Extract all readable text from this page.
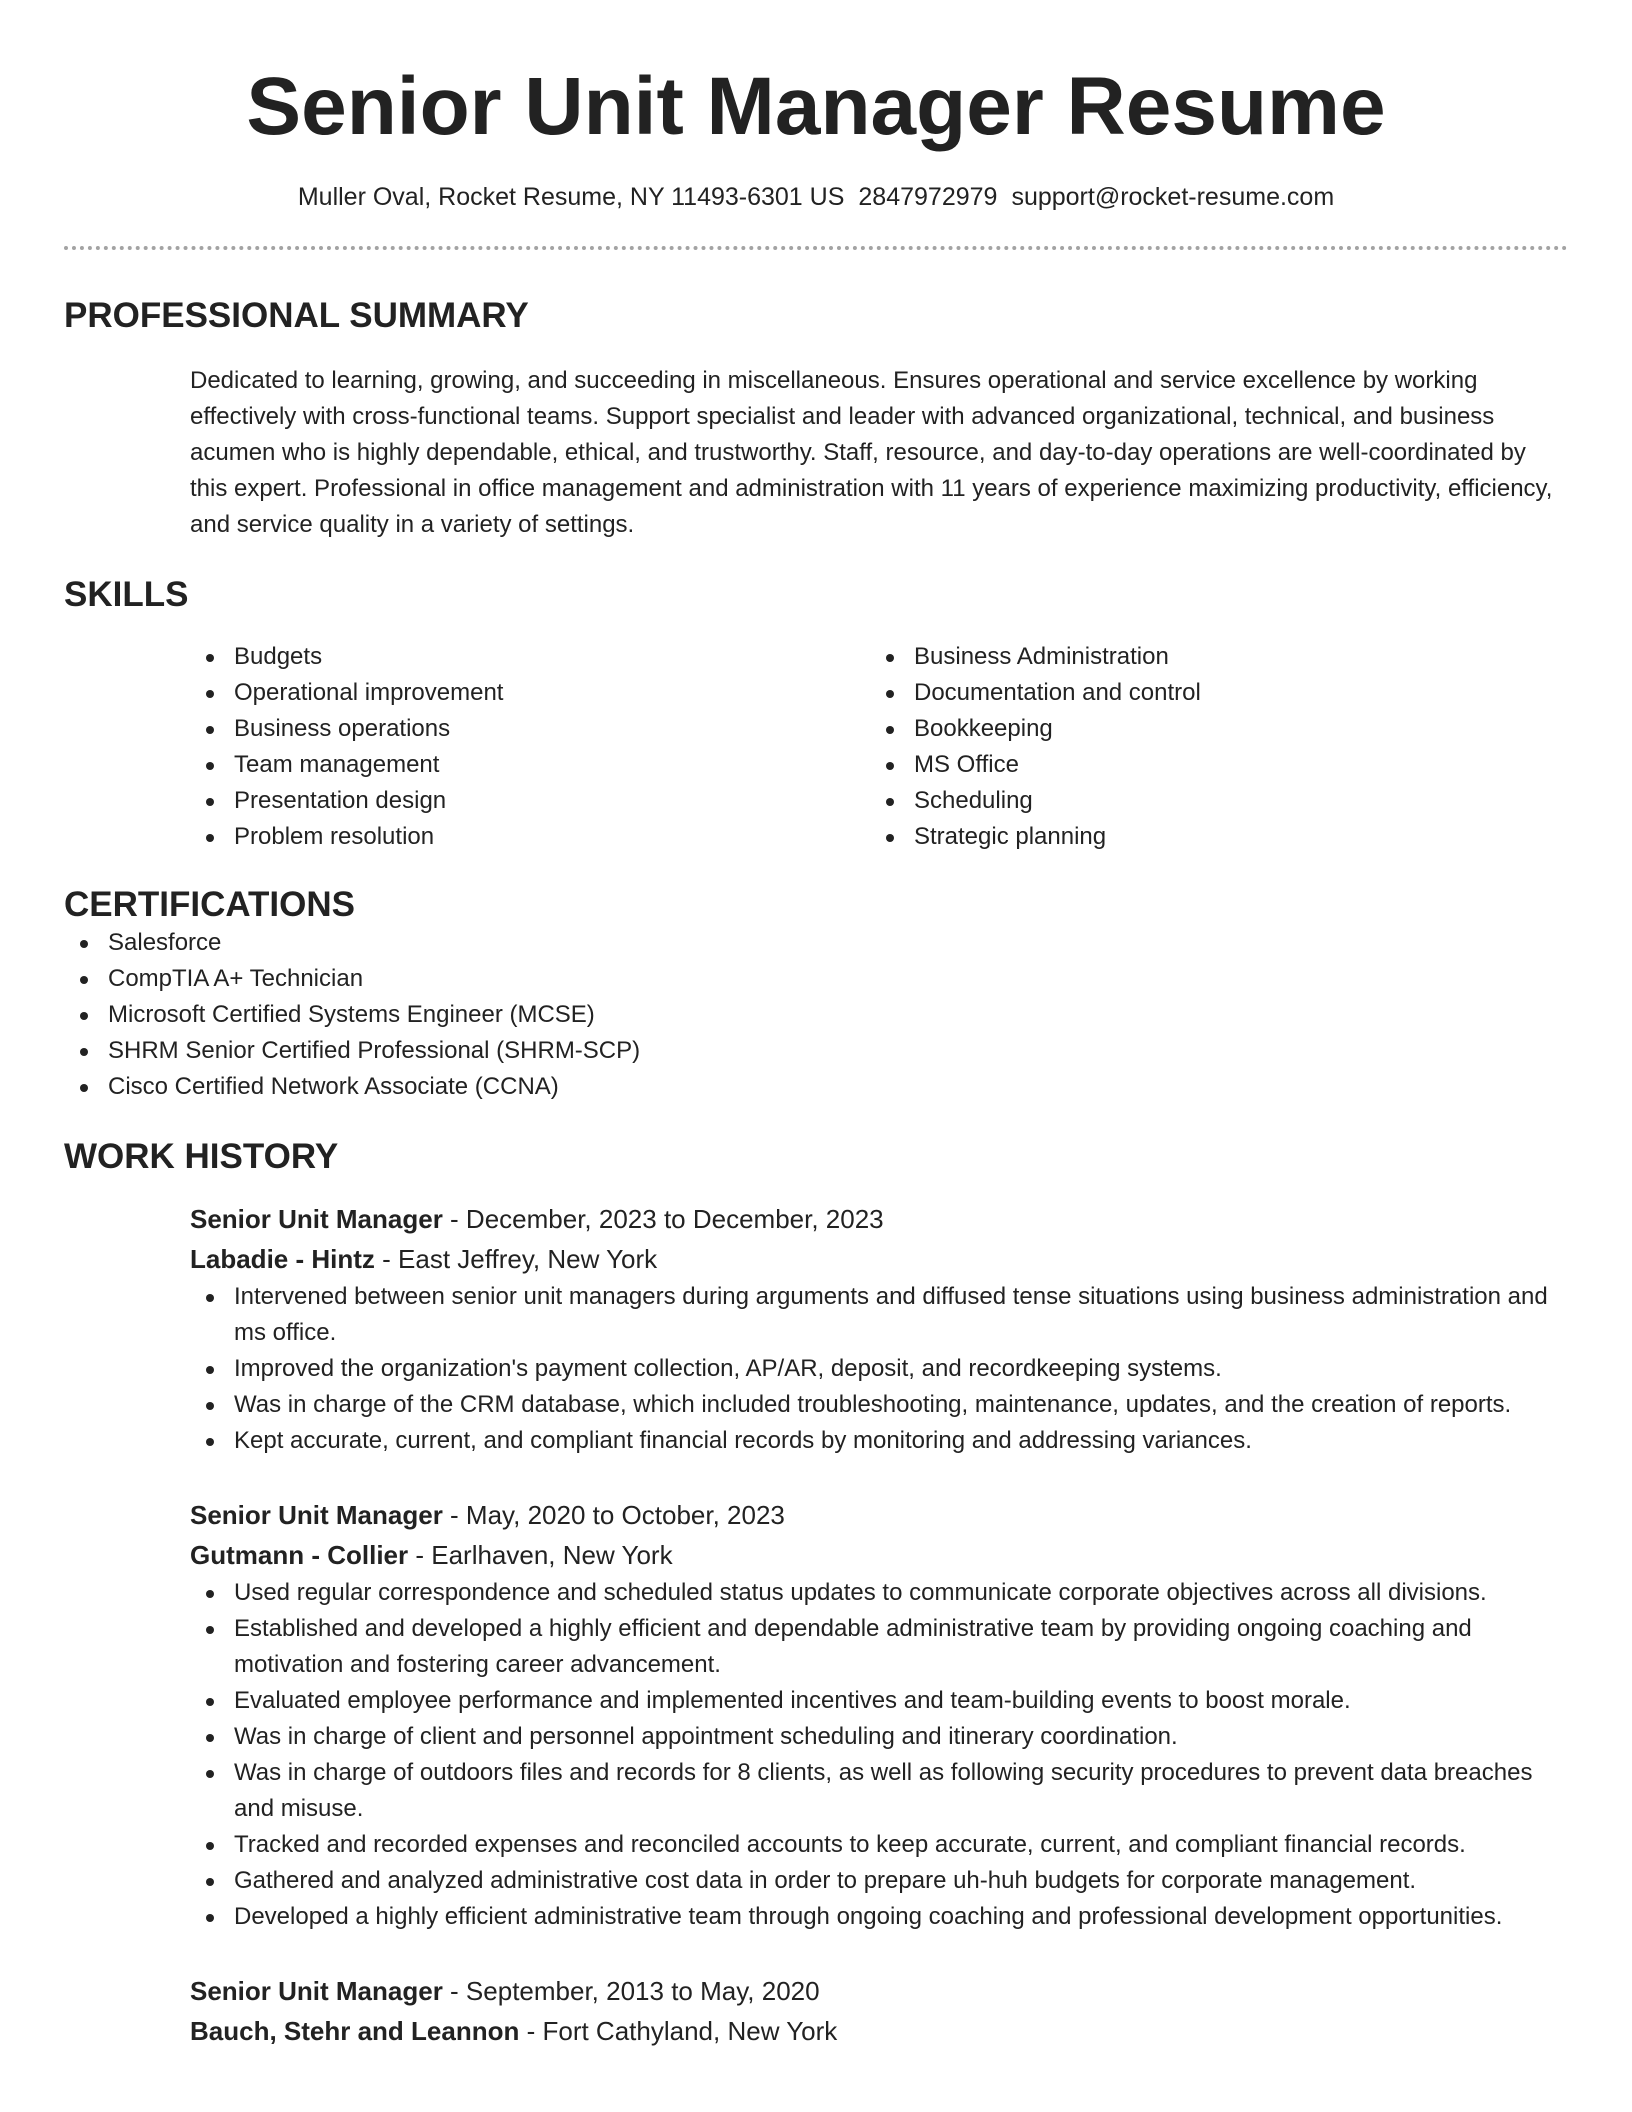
Senior Unit Manager Resume
Muller Oval, Rocket Resume, NY 11493-6301 US 2847972979 support@rocket-resume.com
PROFESSIONAL SUMMARY

Dedicated to learning, growing, and succeeding in miscellaneous. Ensures operational and service excellence by working effectively with cross-functional teams. Support specialist and leader with advanced organizational, technical, and business acumen who is highly dependable, ethical, and trustworthy. Staff, resource, and day-to-day operations are well-coordinated by this expert. Professional in office management and administration with 11 years of experience maximizing productivity, efficiency, and service quality in a variety of settings.

SKILLS
Budgets
Operational improvement
Business operations
Team management
Presentation design
Problem resolution
Business Administration
Documentation and control
Bookkeeping
MS Office
Scheduling
Strategic planning
CERTIFICATIONS
Salesforce
CompTIA A+ Technician
Microsoft Certified Systems Engineer (MCSE)
SHRM Senior Certified Professional (SHRM-SCP)
Cisco Certified Network Associate (CCNA)
WORK HISTORY
Senior Unit Manager - December, 2023 to December, 2023
Labadie - Hintz - East Jeffrey, New York
Intervened between senior unit managers during arguments and diffused tense situations using business administration and ms office.
Improved the organization's payment collection, AP/AR, deposit, and recordkeeping systems.
Was in charge of the CRM database, which included troubleshooting, maintenance, updates, and the creation of reports.
Kept accurate, current, and compliant financial records by monitoring and addressing variances.
Senior Unit Manager - May, 2020 to October, 2023
Gutmann - Collier - Earlhaven, New York
Used regular correspondence and scheduled status updates to communicate corporate objectives across all divisions.
Established and developed a highly efficient and dependable administrative team by providing ongoing coaching and motivation and fostering career advancement.
Evaluated employee performance and implemented incentives and team-building events to boost morale.
Was in charge of client and personnel appointment scheduling and itinerary coordination.
Was in charge of outdoors files and records for 8 clients, as well as following security procedures to prevent data breaches and misuse.
Tracked and recorded expenses and reconciled accounts to keep accurate, current, and compliant financial records.
Gathered and analyzed administrative cost data in order to prepare uh-huh budgets for corporate management.
Developed a highly efficient administrative team through ongoing coaching and professional development opportunities.
Senior Unit Manager - September, 2013 to May, 2020
Bauch, Stehr and Leannon - Fort Cathyland, New York
